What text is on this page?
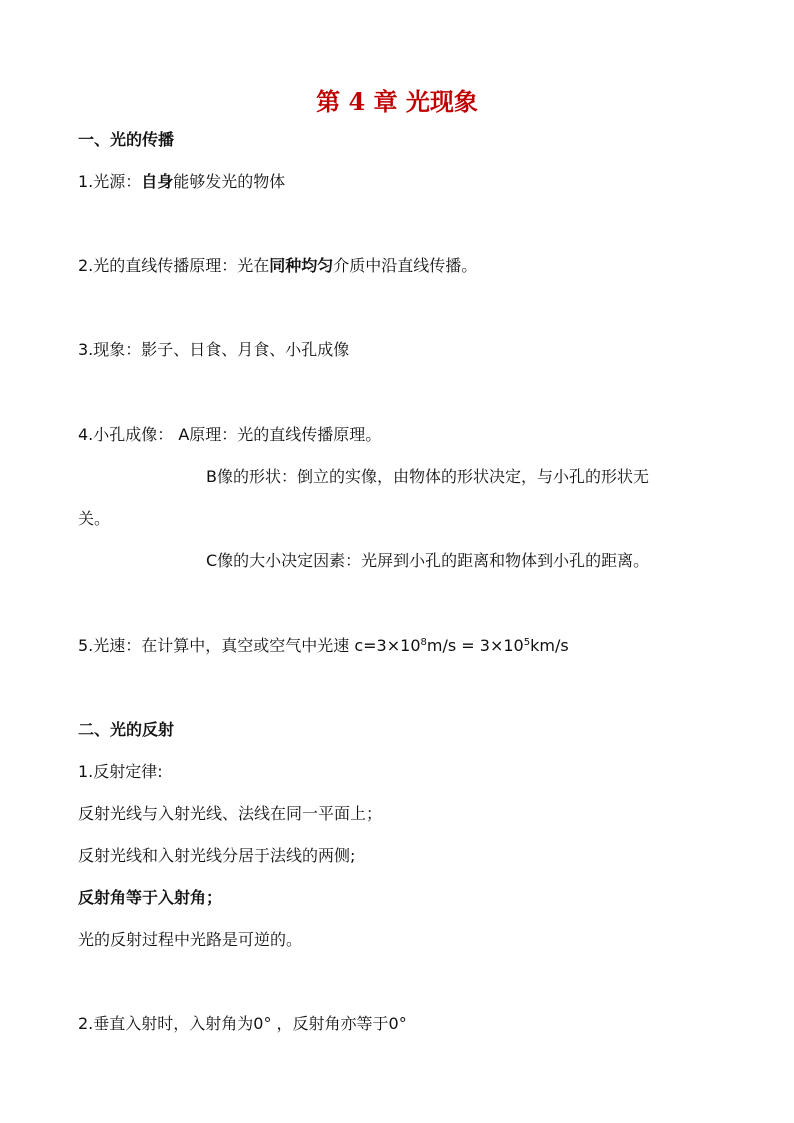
第 4 章 光现象
一、光的传播
1.光源：自身能够发光的物体
2.光的直线传播原理：光在同种均匀介质中沿直线传播。
3.现象：影子、日食、月食、小孔成像
4.小孔成像： A原理：光的直线传播原理。
B像的形状：倒立的实像，由物体的形状决定，与小孔的形状无
关。
C像的大小决定因素：光屏到小孔的距离和物体到小孔的距离。
5.光速：在计算中，真空或空气中光速 $c=3\times 10^8m/s = 3\times 10^5km/s$
二、光的反射
1.反射定律:
反射光线与入射光线、法线在同一平面上；
反射光线和入射光线分居于法线的两侧;
反射角等于入射角；
光的反射过程中光路是可逆的。
2.垂直入射时，入射角为0° ，反射角亦等于0°
